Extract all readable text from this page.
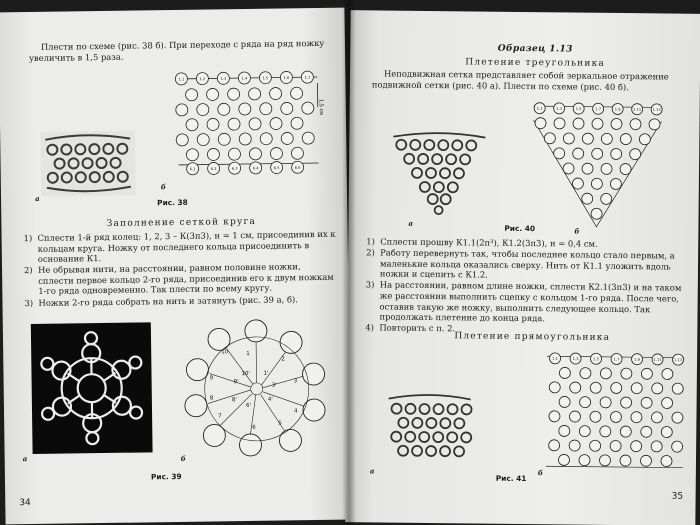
Плести по схеме (рис. 38 б). При переходе с ряда на ряд ножку увеличить в 1,5 раза.
а
1.1	1.2	1.3	1.4	1.5	1.6	1.7
6.1	6.2	6.3	6.4	6.5	6.6
1,5 см
б
Рис. 38
Заполнение сеткой круга
1) Сплести 1-й ряд колец: 1, 2, 3 – К(3п3), н = 1 см, присоединив их к кольцам круга. Ножку от последнего кольца присоединить в основание К1.
2) Не обрывая нити, на расстоянии, равном половине ножки, сплести первое кольцо 2-го ряда, присоединив его к двум ножкам 1-го ряда одновременно. Так плести по всему кругу.
3) Ножки 2-го ряда собрать на нить и затянуть (рис. 39 а, б).
а
1
2
3
4
5
6
7
8
9
10
1'
3'
4'
6'
8'
9'
10'
б
Рис. 39
34
Образец 1.13
Плетение треугольника
Неподвижная сетка представляет собой зеркальное отражение подвижной сетки (рис. 40 а). Плести по схеме (рис. 40 б).
а
1.1	1.3	1.5	1.7	1.9	1.11	1.13
б
Рис. 40
1) Сплести прошву К1.1(2п³), К1.2(3п3), н = 0,4 см.
2) Работу перевернуть так, чтобы последнее кольцо стало первым, а маленькие кольца оказались сверху. Нить от К1.1 уложить вдоль ножки и сцепить с К1.2.
3) На расстоянии, равном длине ножки, сплести К2.1(3п3) и на таком же расстоянии выполнить сцепку с кольцом 1-го ряда. После чего, оставив такую же ножку, выполнить следующее кольцо. Так продолжать плетение до конца ряда.
4) Повторить с п. 2.
Плетение прямоугольника
а
1.1	1.3	1.5	1.7	1.9	1.11	1.13
б
Рис. 41
35
